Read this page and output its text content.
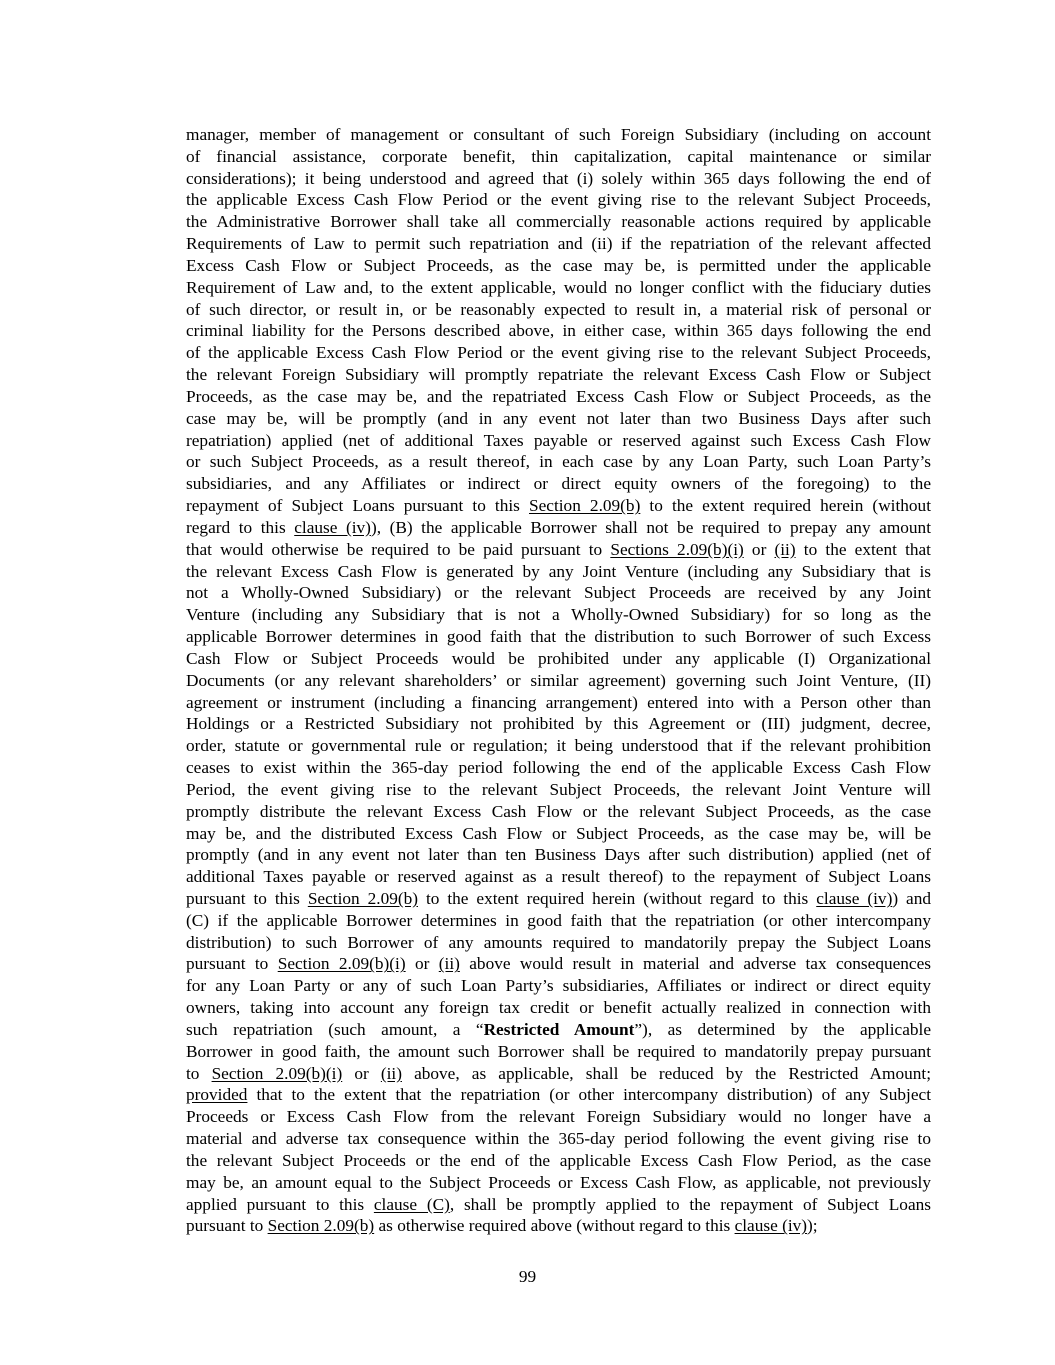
manager, member of management or consultant of such Foreign Subsidiary (including on account
of financial assistance, corporate benefit, thin capitalization, capital maintenance or similar
considerations); it being understood and agreed that (i) solely within 365 days following the end of
the applicable Excess Cash Flow Period or the event giving rise to the relevant Subject Proceeds,
the Administrative Borrower shall take all commercially reasonable actions required by applicable
Requirements of Law to permit such repatriation and (ii) if the repatriation of the relevant affected
Excess Cash Flow or Subject Proceeds, as the case may be, is permitted under the applicable
Requirement of Law and, to the extent applicable, would no longer conflict with the fiduciary duties
of such director, or result in, or be reasonably expected to result in, a material risk of personal or
criminal liability for the Persons described above, in either case, within 365 days following the end
of the applicable Excess Cash Flow Period or the event giving rise to the relevant Subject Proceeds,
the relevant Foreign Subsidiary will promptly repatriate the relevant Excess Cash Flow or Subject
Proceeds, as the case may be, and the repatriated Excess Cash Flow or Subject Proceeds, as the
case may be, will be promptly (and in any event not later than two Business Days after such
repatriation) applied (net of additional Taxes payable or reserved against such Excess Cash Flow
or such Subject Proceeds, as a result thereof, in each case by any Loan Party, such Loan Party’s
subsidiaries, and any Affiliates or indirect or direct equity owners of the foregoing) to the
repayment of Subject Loans pursuant to this Section 2.09(b) to the extent required herein (without
regard to this clause (iv)), (B) the applicable Borrower shall not be required to prepay any amount
that would otherwise be required to be paid pursuant to Sections 2.09(b)(i) or (ii) to the extent that
the relevant Excess Cash Flow is generated by any Joint Venture (including any Subsidiary that is
not a Wholly-Owned Subsidiary) or the relevant Subject Proceeds are received by any Joint
Venture (including any Subsidiary that is not a Wholly-Owned Subsidiary) for so long as the
applicable Borrower determines in good faith that the distribution to such Borrower of such Excess
Cash Flow or Subject Proceeds would be prohibited under any applicable (I) Organizational
Documents (or any relevant shareholders’ or similar agreement) governing such Joint Venture, (II)
agreement or instrument (including a financing arrangement) entered into with a Person other than
Holdings or a Restricted Subsidiary not prohibited by this Agreement or (III) judgment, decree,
order, statute or governmental rule or regulation; it being understood that if the relevant prohibition
ceases to exist within the 365-day period following the end of the applicable Excess Cash Flow
Period, the event giving rise to the relevant Subject Proceeds, the relevant Joint Venture will
promptly distribute the relevant Excess Cash Flow or the relevant Subject Proceeds, as the case
may be, and the distributed Excess Cash Flow or Subject Proceeds, as the case may be, will be
promptly (and in any event not later than ten Business Days after such distribution) applied (net of
additional Taxes payable or reserved against as a result thereof) to the repayment of Subject Loans
pursuant to this Section 2.09(b) to the extent required herein (without regard to this clause (iv)) and
(C) if the applicable Borrower determines in good faith that the repatriation (or other intercompany
distribution) to such Borrower of any amounts required to mandatorily prepay the Subject Loans
pursuant to Section 2.09(b)(i) or (ii) above would result in material and adverse tax consequences
for any Loan Party or any of such Loan Party’s subsidiaries, Affiliates or indirect or direct equity
owners, taking into account any foreign tax credit or benefit actually realized in connection with
such repatriation (such amount, a “Restricted Amount”), as determined by the applicable
Borrower in good faith, the amount such Borrower shall be required to mandatorily prepay pursuant
to Section 2.09(b)(i) or (ii) above, as applicable, shall be reduced by the Restricted Amount;
provided that to the extent that the repatriation (or other intercompany distribution) of any Subject
Proceeds or Excess Cash Flow from the relevant Foreign Subsidiary would no longer have a
material and adverse tax consequence within the 365-day period following the event giving rise to
the relevant Subject Proceeds or the end of the applicable Excess Cash Flow Period, as the case
may be, an amount equal to the Subject Proceeds or Excess Cash Flow, as applicable, not previously
applied pursuant to this clause (C), shall be promptly applied to the repayment of Subject Loans
pursuant to Section 2.09(b) as otherwise required above (without regard to this clause (iv));
99
